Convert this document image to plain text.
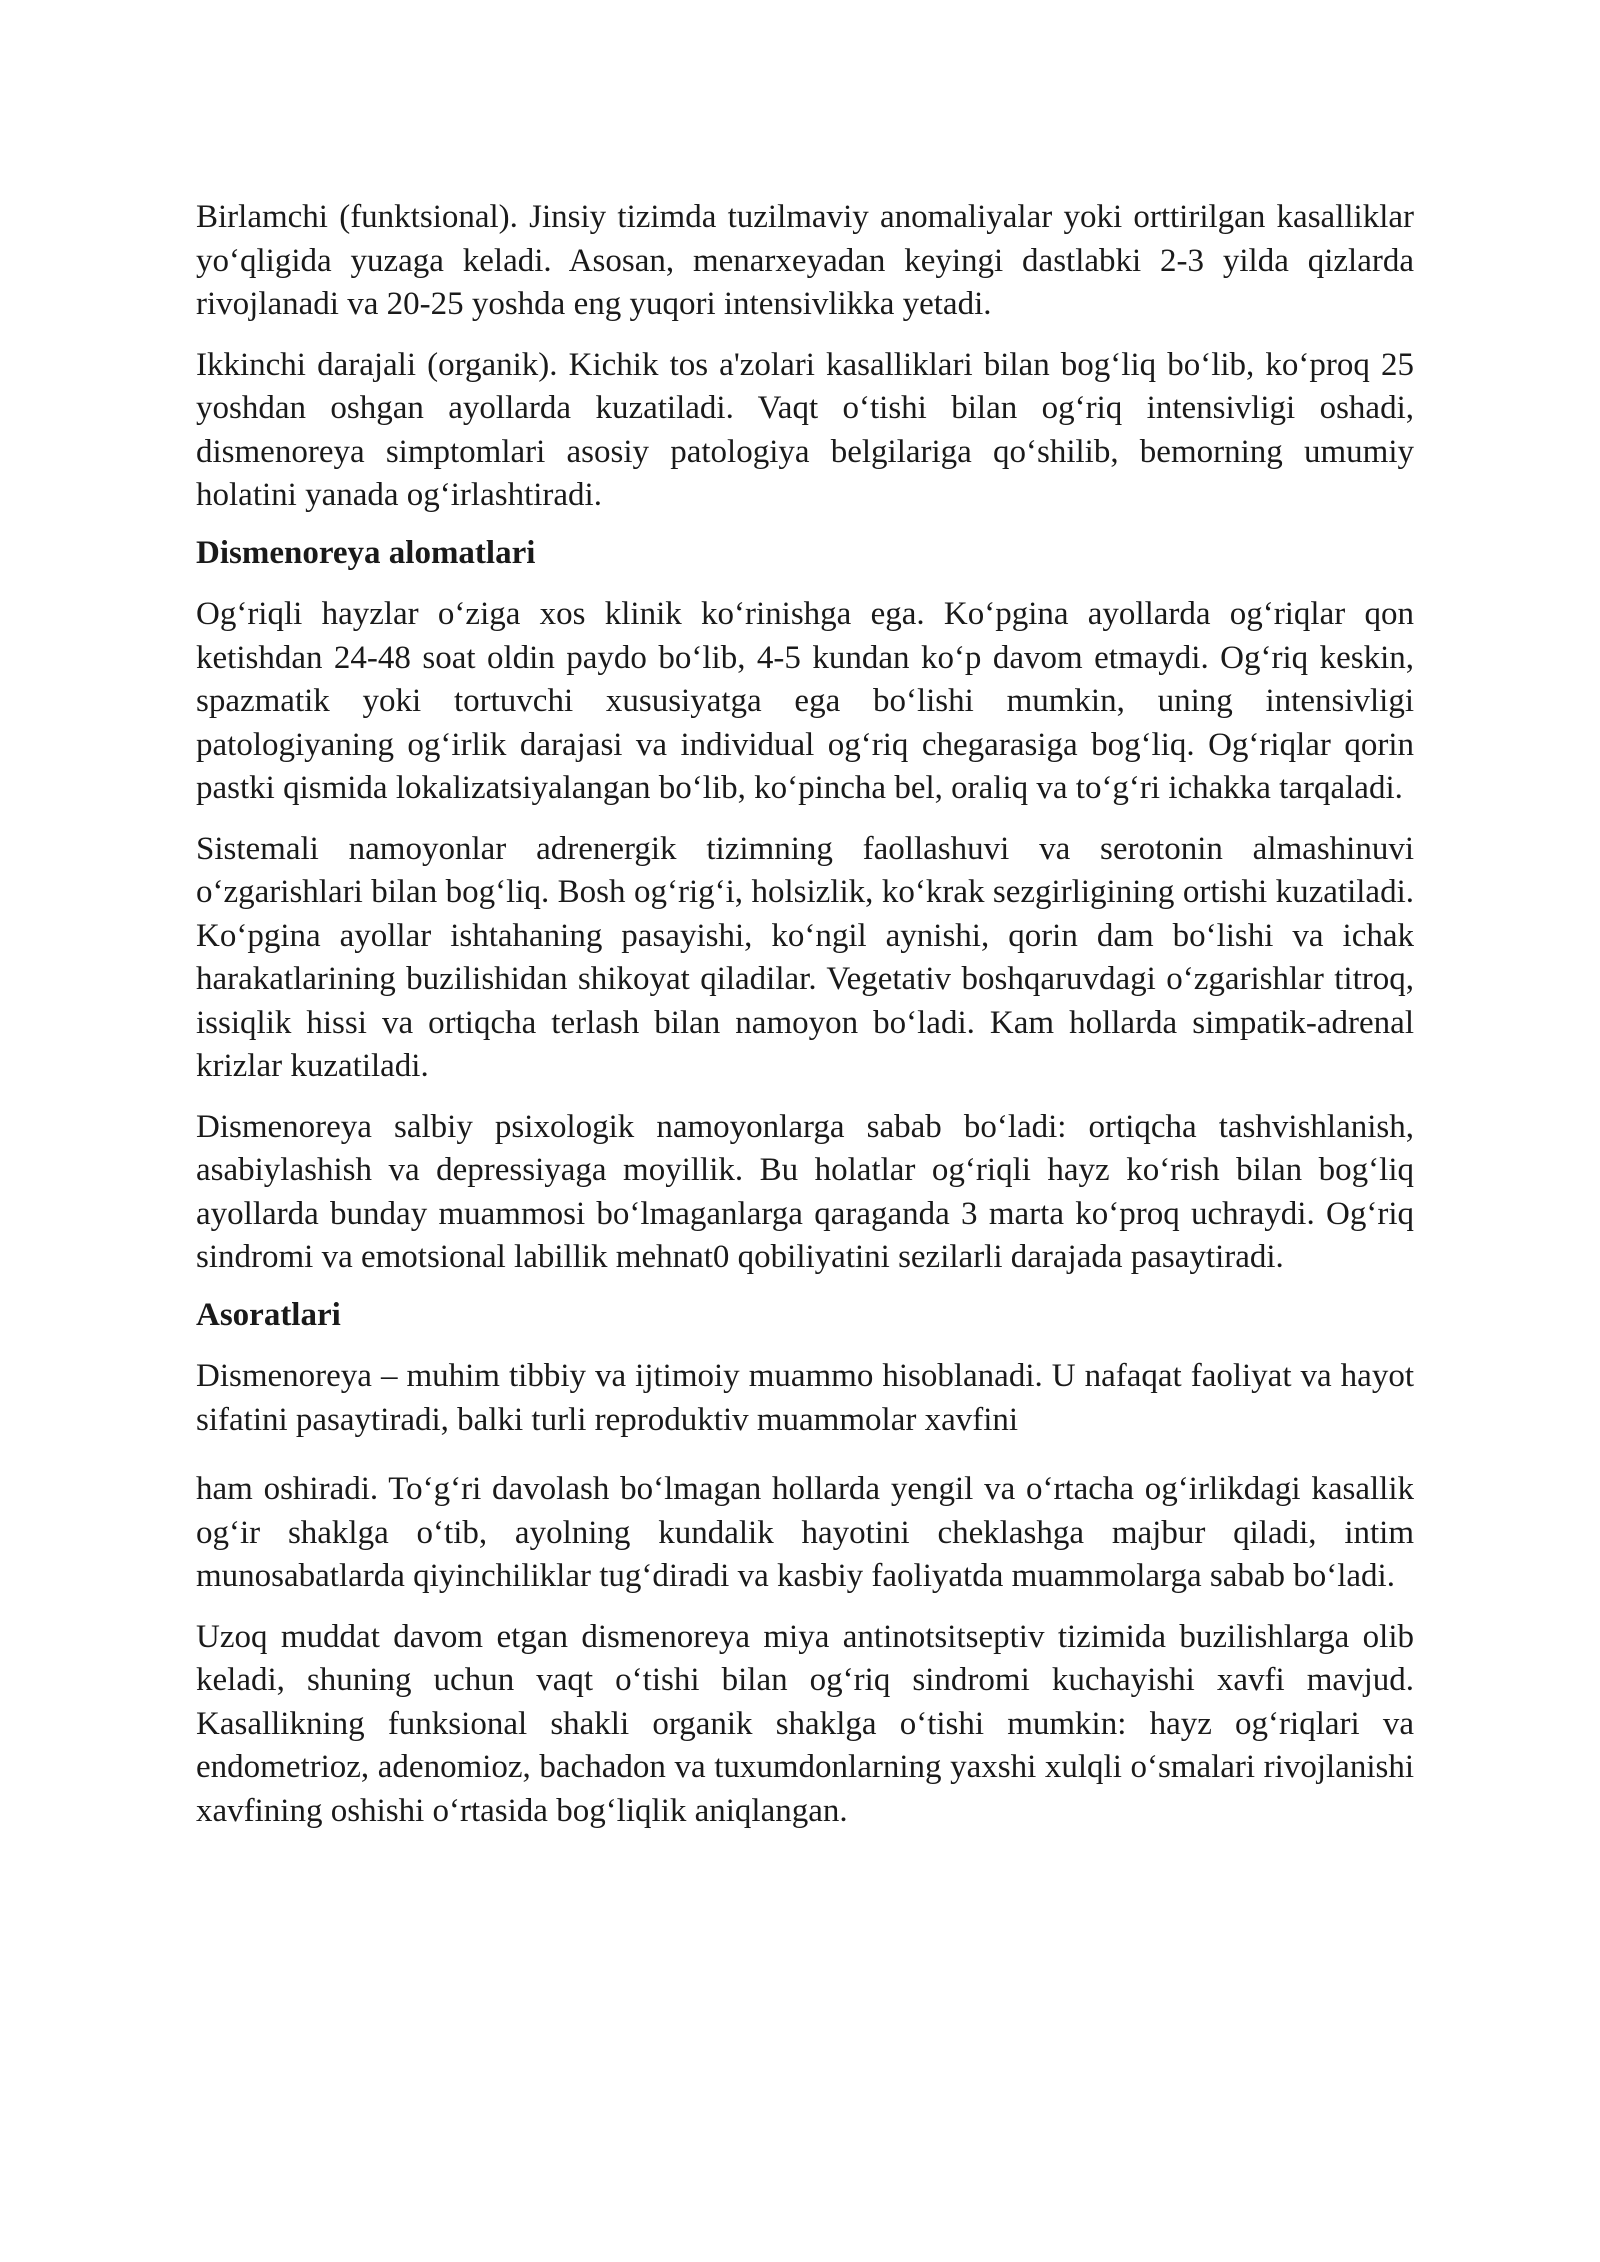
Birlamchi (funktsional). Jinsiy tizimda tuzilmaviy anomaliyalar yoki orttirilgan kasalliklar yo‘qligida yuzaga keladi. Asosan, menarxeyadan keyingi dastlabki 2-3 yilda qizlarda rivojlanadi va 20-25 yoshda eng yuqori intensivlikka yetadi.

Ikkinchi darajali (organik). Kichik tos a'zolari kasalliklari bilan bog‘liq bo‘lib, ko‘proq 25 yoshdan oshgan ayollarda kuzatiladi. Vaqt o‘tishi bilan og‘riq intensivligi oshadi, dismenoreya simptomlari asosiy patologiya belgilariga qo‘shilib, bemorning umumiy holatini yanada og‘irlashtiradi.

Dismenoreya alomatlari

Og‘riqli hayzlar o‘ziga xos klinik ko‘rinishga ega. Ko‘pgina ayollarda og‘riqlar qon ketishdan 24-48 soat oldin paydo bo‘lib, 4-5 kundan ko‘p davom etmaydi. Og‘riq keskin, spazmatik yoki tortuvchi xususiyatga ega bo‘lishi mumkin, uning intensivligi patologiyaning og‘irlik darajasi va individual og‘riq chegarasiga bog‘liq. Og‘riqlar qorin pastki qismida lokalizatsiyalangan bo‘lib, ko‘pincha bel, oraliq va to‘g‘ri ichakka tarqaladi.

Sistemali namoyonlar adrenergik tizimning faollashuvi va serotonin almashinuvi o‘zgarishlari bilan bog‘liq. Bosh og‘rig‘i, holsizlik, ko‘krak sezgirligining ortishi kuzatiladi. Ko‘pgina ayollar ishtahaning pasayishi, ko‘ngil aynishi, qorin dam bo‘lishi va ichak harakatlarining buzilishidan shikoyat qiladilar. Vegetativ boshqaruvdagi o‘zgarishlar titroq, issiqlik hissi va ortiqcha terlash bilan namoyon bo‘ladi. Kam hollarda simpatik-adrenal krizlar kuzatiladi.

Dismenoreya salbiy psixologik namoyonlarga sabab bo‘ladi: ortiqcha tashvishlanish, asabiylashish va depressiyaga moyillik. Bu holatlar og‘riqli hayz ko‘rish bilan bog‘liq ayollarda bunday muammosi bo‘lmaganlarga qaraganda 3 marta ko‘proq uchraydi. Og‘riq sindromi va emotsional labillik mehnat0 qobiliyatini sezilarli darajada pasaytiradi.

Asoratlari

Dismenoreya – muhim tibbiy va ijtimoiy muammo hisoblanadi. U nafaqat faoliyat va hayot sifatini pasaytiradi, balki turli reproduktiv muammolar xavfini

ham oshiradi. To‘g‘ri davolash bo‘lmagan hollarda yengil va o‘rtacha og‘irlikdagi kasallik og‘ir shaklga o‘tib, ayolning kundalik hayotini cheklashga majbur qiladi, intim munosabatlarda qiyinchiliklar tug‘diradi va kasbiy faoliyatda muammolarga sabab bo‘ladi.

Uzoq muddat davom etgan dismenoreya miya antinotsitseptiv tizimida buzilishlarga olib keladi, shuning uchun vaqt o‘tishi bilan og‘riq sindromi kuchayishi xavfi mavjud. Kasallikning funksional shakli organik shaklga o‘tishi mumkin: hayz og‘riqlari va endometrioz, adenomioz, bachadon va tuxumdonlarning yaxshi xulqli o‘smalari rivojlanishi xavfining oshishi o‘rtasida bog‘liqlik aniqlangan.
